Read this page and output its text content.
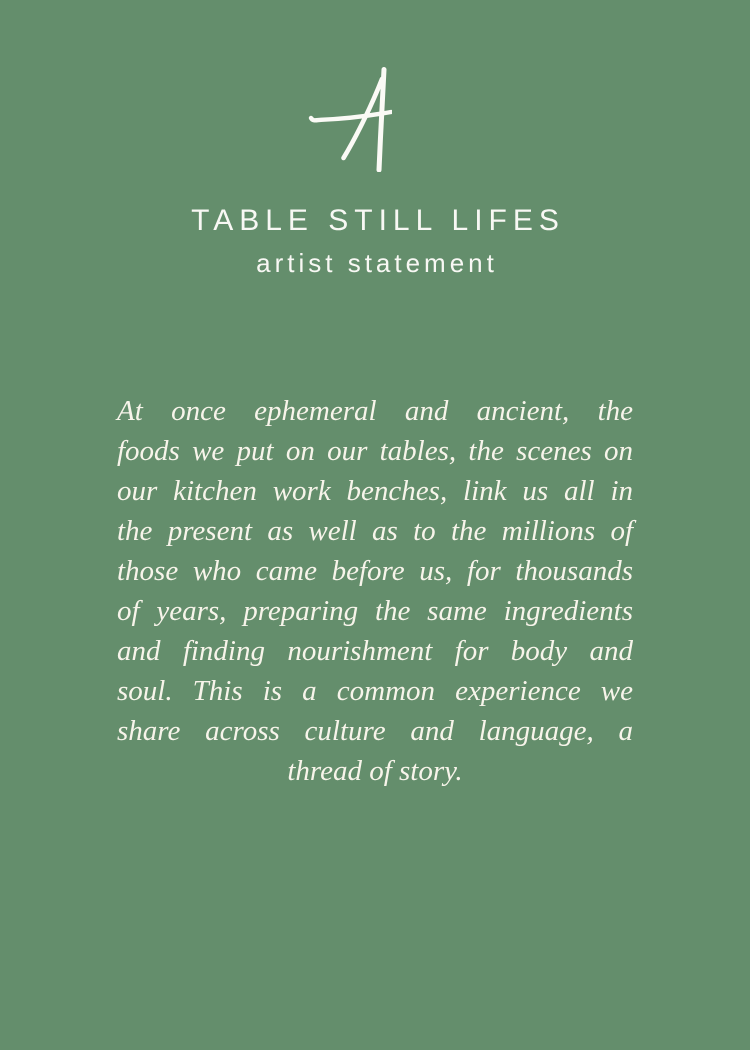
TABLE STILL LIFES
artist statement
At once ephemeral and ancient, the
foods we put on our tables, the scenes on
our kitchen work benches, link us all in
the present as well as to the millions of
those who came before us, for thousands
of years, preparing the same ingredients
and finding nourishment for body and
soul. This is a common experience we
share across culture and language, a
thread of story.
